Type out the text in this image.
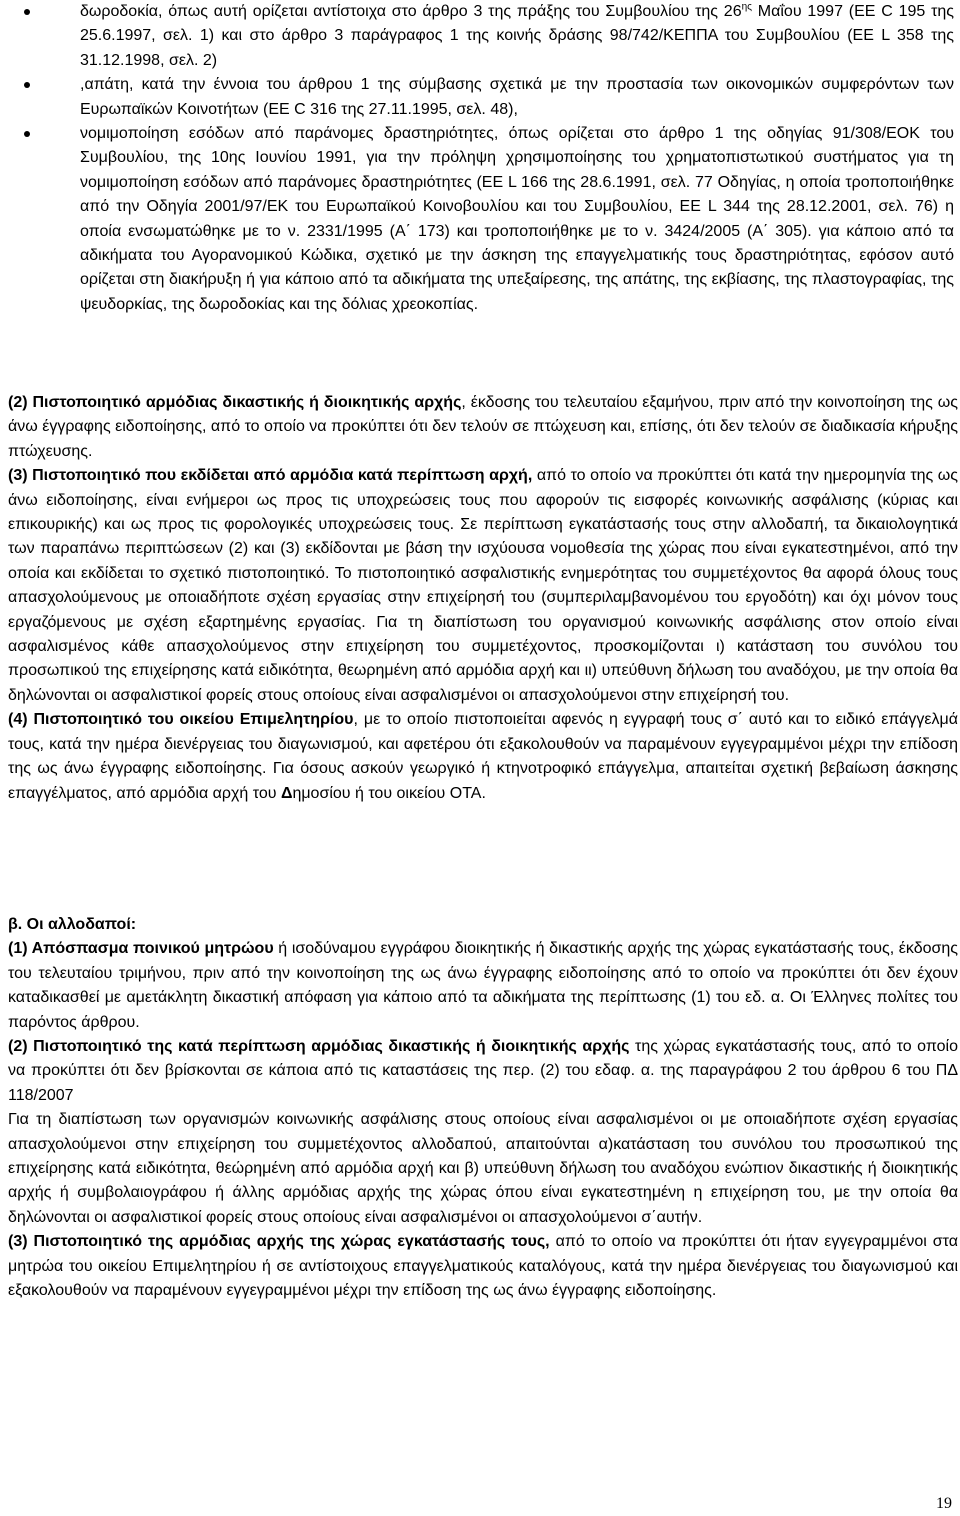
δωροδοκία, όπως αυτή ορίζεται αντίστοιχα στο άρθρο 3 της πράξης του Συμβουλίου της $26^{\eta\varsigma}$ Μαΐου 1997 (ΕΕ C 195 της 25.6.1997, σελ. 1) και στο άρθρο 3 παράγραφος 1 της κοινής δράσης 98/742/ΚΕΠΠΑ του Συμβουλίου (ΕΕ L 358 της 31.12.1998, σελ. 2)
,απάτη, κατά την έννοια του άρθρου 1 της σύμβασης σχετικά με την προστασία των οικονομικών συμφερόντων των Ευρωπαϊκών Κοινοτήτων (ΕΕ C 316 της 27.11.1995, σελ. 48),
νομιμοποίηση εσόδων από παράνομες δραστηριότητες, όπως ορίζεται στο άρθρο 1 της οδηγίας 91/308/ΕΟΚ του Συμβουλίου, της 10ης Ιουνίου 1991, για την πρόληψη χρησιμοποίησης του χρηματοπιστωτικού συστήματος για τη νομιμοποίηση εσόδων από παράνομες δραστηριότητες (ΕΕ L 166 της 28.6.1991, σελ. 77 Οδηγίας, η οποία τροποποιήθηκε από την Οδηγία 2001/97/ΕΚ του Ευρωπαϊκού Κοινοβουλίου και του Συμβουλίου, ΕΕ L 344 της 28.12.2001, σελ. 76) η οποία ενσωματώθηκε με το ν. 2331/1995 (Α΄ 173) και τροποποιήθηκε με το ν. 3424/2005 (Α΄ 305). για κάποιο από τα αδικήματα του Αγορανομικού Κώδικα, σχετικό με την άσκηση της επαγγελματικής τους δραστηριότητας, εφόσον αυτό ορίζεται στη διακήρυξη ή για κάποιο από τα αδικήματα της υπεξαίρεσης, της απάτης, της εκβίασης, της πλαστογραφίας, της ψευδορκίας, της δωροδοκίας και της δόλιας χρεοκοπίας.

(2) Πιστοποιητικό αρμόδιας δικαστικής ή διοικητικής αρχής, έκδοσης του τελευταίου εξαμήνου, πριν από την κοινοποίηση της ως άνω έγγραφης ειδοποίησης, από το οποίο να προκύπτει ότι δεν τελούν σε πτώχευση και, επίσης, ότι δεν τελούν σε διαδικασία κήρυξης πτώχευσης.

(3) Πιστοποιητικό που εκδίδεται από αρμόδια κατά περίπτωση αρχή, από το οποίο να προκύπτει ότι κατά την ημερομηνία της ως άνω ειδοποίησης, είναι ενήμεροι ως προς τις υποχρεώσεις τους που αφορούν τις εισφορές κοινωνικής ασφάλισης (κύριας και επικουρικής) και ως προς τις φορολογικές υποχρεώσεις τους. Σε περίπτωση εγκατάστασής τους στην αλλοδαπή, τα δικαιολογητικά των παραπάνω περιπτώσεων (2) και (3) εκδίδονται με βάση την ισχύουσα νομοθεσία της χώρας που είναι εγκατεστημένοι, από την οποία και εκδίδεται το σχετικό πιστοποιητικό. Το πιστοποιητικό ασφαλιστικής ενημερότητας του συμμετέχοντος θα αφορά όλους τους απασχολούμενους με οποιαδήποτε σχέση εργασίας στην επιχείρησή του (συμπεριλαμβανομένου του εργοδότη) και όχι μόνον τους εργαζόμενους με σχέση εξαρτημένης εργασίας. Για τη διαπίστωση του οργανισμού κοινωνικής ασφάλισης στον οποίο είναι ασφαλισμένος κάθε απασχολούμενος στην επιχείρηση του συμμετέχοντος, προσκομίζονται ι) κατάσταση του συνόλου του προσωπικού της επιχείρησης κατά ειδικότητα, θεωρημένη από αρμόδια αρχή και ιι) υπεύθυνη δήλωση του αναδόχου, με την οποία θα δηλώνονται οι ασφαλιστικοί φορείς στους οποίους είναι ασφαλισμένοι οι απασχολούμενοι στην επιχείρησή του.

(4) Πιστοποιητικό του οικείου Επιμελητηρίου, με το οποίο πιστοποιείται αφενός η εγγραφή τους σ΄ αυτό και το ειδικό επάγγελμά τους, κατά την ημέρα διενέργειας του διαγωνισμού, και αφετέρου ότι εξακολουθούν να παραμένουν εγγεγραμμένοι μέχρι την επίδοση της ως άνω έγγραφης ειδοποίησης. Για όσους ασκούν γεωργικό ή κτηνοτροφικό επάγγελμα, απαιτείται σχετική βεβαίωση άσκησης επαγγέλματος, από αρμόδια αρχή του Δημοσίου ή του οικείου ΟΤΑ.

β. Οι αλλοδαποί:

(1) Απόσπασμα ποινικού μητρώου ή ισοδύναμου εγγράφου διοικητικής ή δικαστικής αρχής της χώρας εγκατάστασής τους, έκδοσης του τελευταίου τριμήνου, πριν από την κοινοποίηση της ως άνω έγγραφης ειδοποίησης από το οποίο να προκύπτει ότι δεν έχουν καταδικασθεί με αμετάκλητη δικαστική απόφαση για κάποιο από τα αδικήματα της περίπτωσης (1) του εδ. α. Οι Έλληνες πολίτες του παρόντος άρθρου.

(2) Πιστοποιητικό της κατά περίπτωση αρμόδιας δικαστικής ή διοικητικής αρχής της χώρας εγκατάστασής τους, από το οποίο να προκύπτει ότι δεν βρίσκονται σε κάποια από τις καταστάσεις της περ. (2) του εδαφ. α. της παραγράφου 2 του άρθρου 6 του ΠΔ 118/2007

Για τη διαπίστωση των οργανισμών κοινωνικής ασφάλισης στους οποίους είναι ασφαλισμένοι οι με οποιαδήποτε σχέση εργασίας απασχολούμενοι στην επιχείρηση του συμμετέχοντος αλλοδαπού, απαιτούνται α)κατάσταση του συνόλου του προσωπικού της επιχείρησης κατά ειδικότητα, θεώρημένη από αρμόδια αρχή και β) υπεύθυνη δήλωση του αναδόχου ενώπιον δικαστικής ή διοικητικής αρχής ή συμβολαιογράφου ή άλλης αρμόδιας αρχής της χώρας όπου είναι εγκατεστημένη η επιχείρηση του, με την οποία θα δηλώνονται οι ασφαλιστικοί φορείς στους οποίους είναι ασφαλισμένοι οι απασχολούμενοι σ΄αυτήν.

(3) Πιστοποιητικό της αρμόδιας αρχής της χώρας εγκατάστασής τους, από το οποίο να προκύπτει ότι ήταν εγγεγραμμένοι στα μητρώα του οικείου Επιμελητηρίου ή σε αντίστοιχους επαγγελματικούς καταλόγους, κατά την ημέρα διενέργειας του διαγωνισμού και εξακολουθούν να παραμένουν εγγεγραμμένοι μέχρι την επίδοση της ως άνω έγγραφης ειδοποίησης.

19
